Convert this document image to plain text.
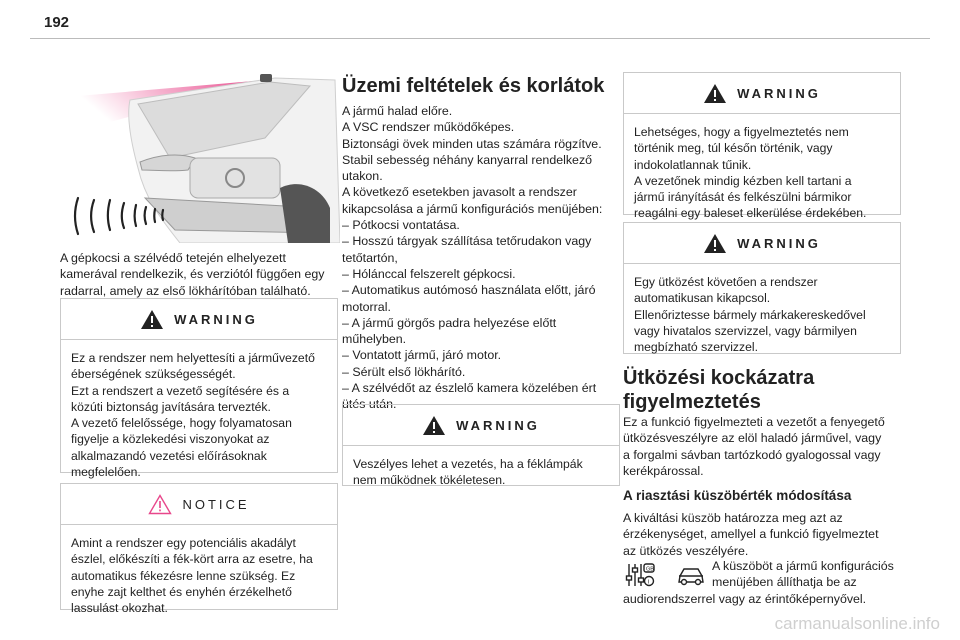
192

A gépkocsi a szélvédő tetején elhelyezett

kamerával rendelkezik, és verziótól függően egy

radarral, amely az első lökhárítóban található.

WARNING

Ez a rendszer nem helyettesíti a járművezető

éberségének szükségességét.

Ezt a rendszert a vezető segítésére és a

közúti biztonság javítására tervezték.

A vezető felelőssége, hogy folyamatosan

figyelje a közlekedési viszonyokat az

alkalmazandó vezetési előírásoknak

megfelelően.

NOTICE

Amint a rendszer egy potenciális akadályt

észlel, előkészíti a fék-kört arra az esetre, ha

automatikus fékezésre lenne szükség. Ez

enyhe zajt kelthet és enyhén érzékelhető

lassulást okozhat.

Üzemi feltételek és korlátok

A jármű halad előre.

A VSC rendszer működőképes.

Biztonsági övek minden utas számára rögzítve.

Stabil sebesség néhány kanyarral rendelkező

utakon.

A következő esetekben javasolt a rendszer

kikapcsolása a jármű konfigurációs menüjében:

– Pótkocsi vontatása.

– Hosszú tárgyak szállítása tetőrudakon vagy

tetőtartón,

– Hólánccal felszerelt gépkocsi.

– Automatikus autómosó használata előtt, járó

motorral.

– A jármű görgős padra helyezése előtt

műhelyben.

– Vontatott jármű, járó motor.

– Sérült első lökhárító.

– A szélvédőt az észlelő kamera közelében ért

ütés után.

WARNING

Veszélyes lehet a vezetés, ha a féklámpák

nem működnek tökéletesen.

WARNING

Lehetséges, hogy a figyelmeztetés nem

történik meg, túl későn történik, vagy

indokolatlannak tűnik.

A vezetőnek mindig kézben kell tartani a

jármű irányítását és felkészülni bármikor

reagálni egy baleset elkerülése érdekében.

WARNING

Egy ütközést követően a rendszer

automatikusan kikapcsol.

Ellenőriztesse bármely márkakereskedővel

vagy hivatalos szervizzel, vagy bármilyen

megbízható szervizzel.

Ütközési kockázatra
figyelmeztetés

Ez a funkció figyelmezteti a vezetőt a fenyegető

ütközésveszélyre az elöl haladó járművel, vagy

a forgalmi sávban tartózkodó gyalogossal vagy

kerékpárossal.

A riasztási küszöbérték módosítása

A kiváltási küszöb határozza meg azt az

érzékenységet, amellyel a funkció figyelmeztet

az ütközés veszélyére.

GB
i

A küszöböt a jármű konfigurációs

menüjében állíthatja be az

audiorendszerrel vagy az érintőképernyővel.

carmanualsonline.info
